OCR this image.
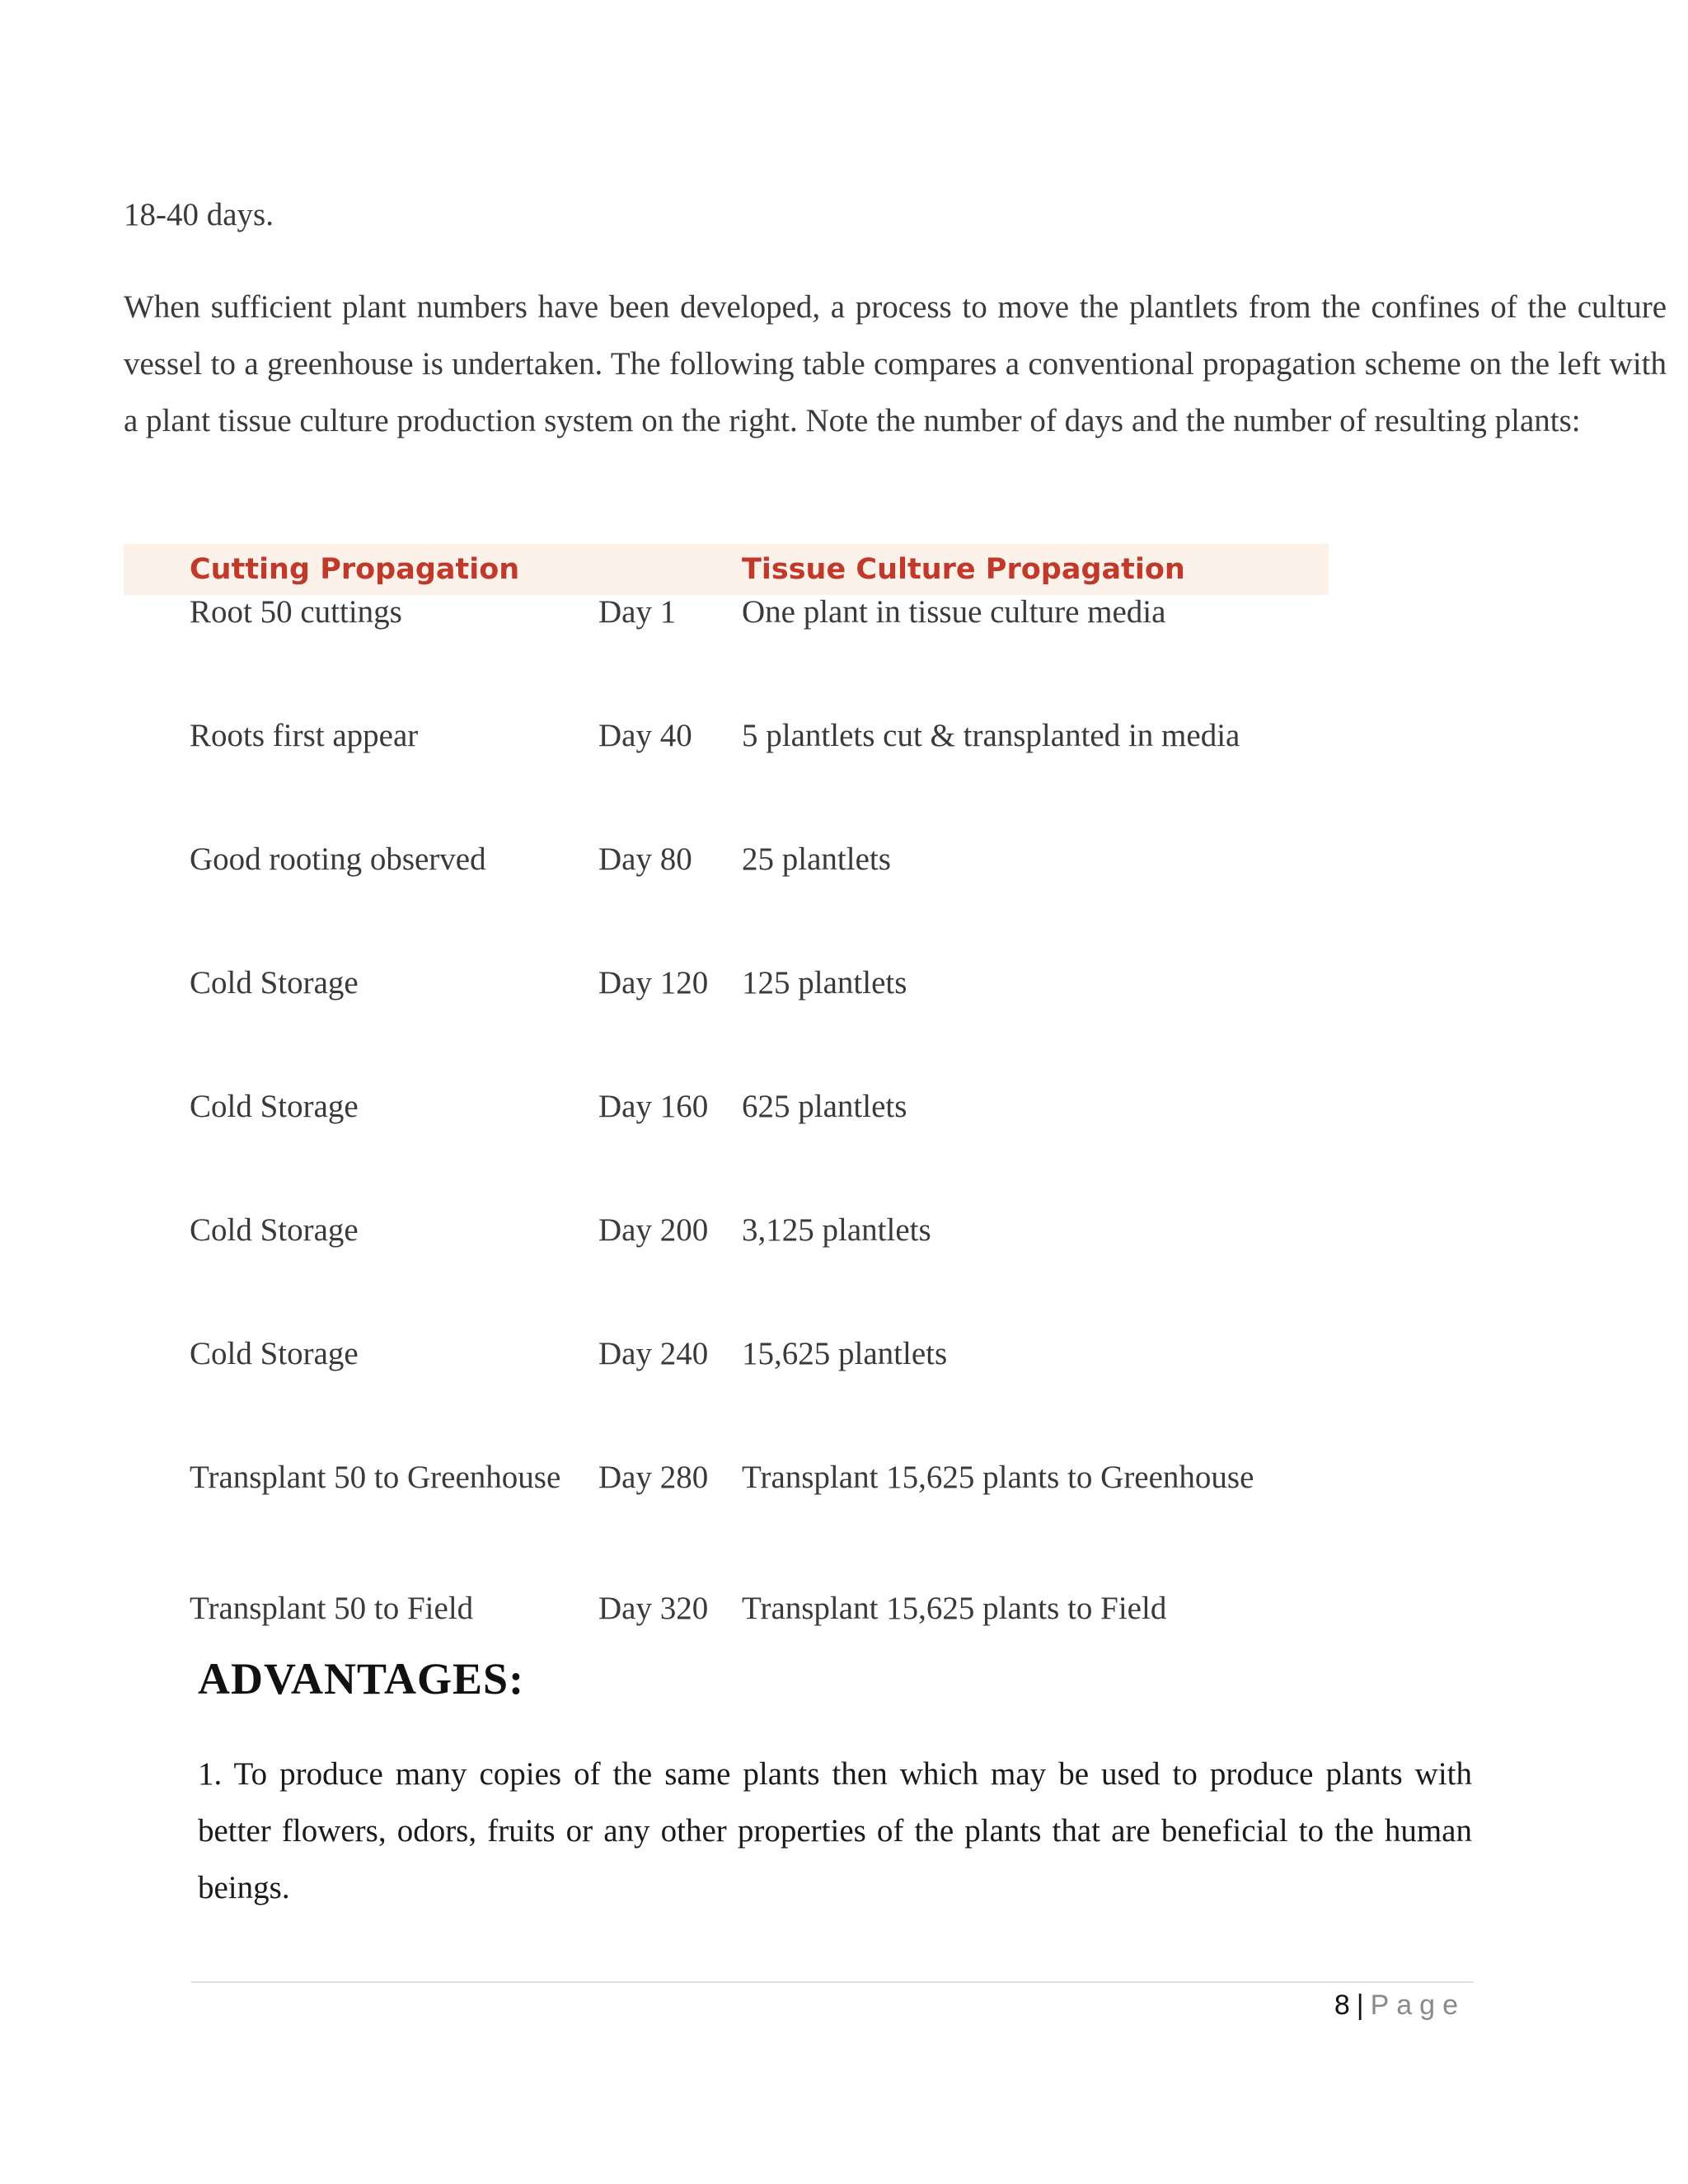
18-40 days.
When sufficient plant numbers have been developed, a process to move the plantlets from the confines of the culture vessel to a greenhouse is undertaken. The following table compares a conventional propagation scheme on the left with a plant tissue culture production system on the right. Note the number of days and the number of resulting plants:
Cutting Propagation	Tissue Culture Propagation
Root 50 cuttings	Day 1 One plant in tissue culture media
Roots first appear	Day 40 5 plantlets cut & transplanted in media
Good rooting observed	Day 80 25 plantlets
Cold Storage	Day 120 125 plantlets
Cold Storage	Day 160 625 plantlets
Cold Storage	Day 200 3,125 plantlets
Cold Storage	Day 240 15,625 plantlets
Transplant 50 to Greenhouse Day 280 Transplant 15,625 plants to Greenhouse
Transplant 50 to Field	Day 320 Transplant 15,625 plants to Field
ADVANTAGES:
1. To produce many copies of the same plants then which may be used to produce plants with better flowers, odors, fruits or any other properties of the plants that are beneficial to the human beings.
8 | Page
